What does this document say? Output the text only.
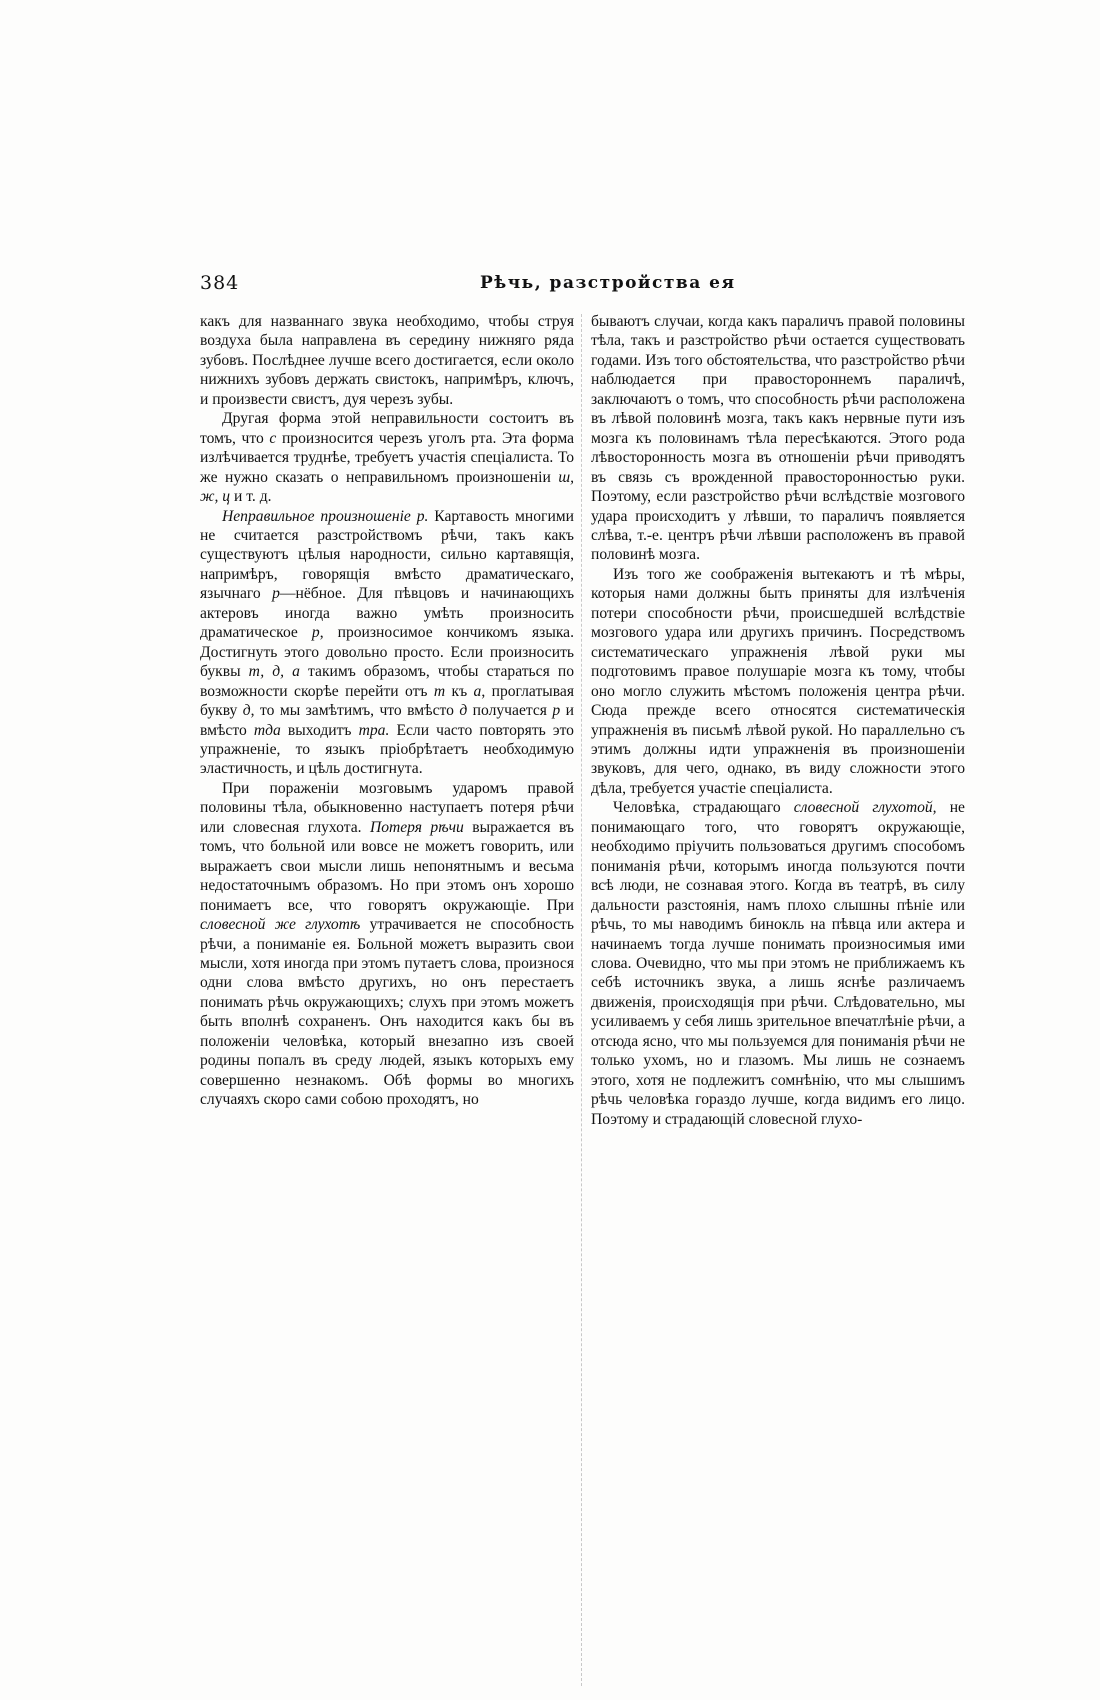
384	Рѣчь, разстройства ея

какъ для названнаго звука необходимо, чтобы струя воздуха была направлена въ середину нижняго ряда зубовъ. Послѣднее лучше всего достигается, если около нижнихъ зубовъ держать свистокъ, напримѣръ, ключъ, и произвести свистъ, дуя черезъ зубы.

Другая форма этой неправильности состоитъ въ томъ, что с произносится черезъ уголъ рта. Эта форма излѣчивается труднѣе, требуетъ участія спеціалиста. То же нужно сказать о неправильномъ произношеніи ш, ж, ц и т. д.

Неправильное произношеніе р. Картавость многими не считается разстройствомъ рѣчи, такъ какъ существуютъ цѣлыя народности, сильно картавящія, напримѣръ, говорящія вмѣсто драматическаго, язычнаго р—нёбное. Для пѣвцовъ и начинающихъ актеровъ иногда важно умѣть произносить драматическое р, произносимое кончикомъ языка. Достигнуть этого довольно просто. Если произносить буквы т, д, а такимъ образомъ, чтобы стараться по возможности скорѣе перейти отъ т къ а, проглатывая букву д, то мы замѣтимъ, что вмѣсто д получается р и вмѣсто тда выходитъ тра. Если часто повторять это упражненіе, то языкъ пріобрѣтаетъ необходимую эластичность, и цѣль достигнута.

При пораженіи мозговымъ ударомъ правой половины тѣла, обыкновенно наступаетъ потеря рѣчи или словесная глухота. Потеря рѣчи выражается въ томъ, что больной или вовсе не можетъ говорить, или выражаетъ свои мысли лишь непонятнымъ и весьма недостаточнымъ образомъ. Но при этомъ онъ хорошо понимаетъ все, что говорятъ окружающіе. При словесной же глухотѣ утрачивается не способность рѣчи, а пониманіе ея. Больной можетъ выразить свои мысли, хотя иногда при этомъ путаетъ слова, произнося одни слова вмѣсто другихъ, но онъ перестаетъ понимать рѣчь окружающихъ; слухъ при этомъ можетъ быть вполнѣ сохраненъ. Онъ находится какъ бы въ положеніи человѣка, который внезапно изъ своей родины попалъ въ среду людей, языкъ которыхъ ему совершенно незнакомъ. Обѣ формы во многихъ случаяхъ скоро сами собою проходятъ, но

бываютъ случаи, когда какъ параличъ правой половины тѣла, такъ и разстройство рѣчи остается существовать годами. Изъ того обстоятельства, что разстройство рѣчи наблюдается при правостороннемъ параличѣ, заключаютъ о томъ, что способность рѣчи расположена въ лѣвой половинѣ мозга, такъ какъ нервные пути изъ мозга къ половинамъ тѣла пересѣкаются. Этого рода лѣвосторонность мозга въ отношеніи рѣчи приводятъ въ связь съ врожденной правосторонностью руки. Поэтому, если разстройство рѣчи вслѣдствіе мозгового удара происходитъ у лѣвши, то параличъ появляется слѣва, т.-е. центръ рѣчи лѣвши расположенъ въ правой половинѣ мозга.

Изъ того же соображенія вытекаютъ и тѣ мѣры, которыя нами должны быть приняты для излѣченія потери способности рѣчи, происшедшей вслѣдствіе мозгового удара или другихъ причинъ. Посредствомъ систематическаго упражненія лѣвой руки мы подготовимъ правое полушаріе мозга къ тому, чтобы оно могло служить мѣстомъ положенія центра рѣчи. Сюда прежде всего относятся систематическія упражненія въ письмѣ лѣвой рукой. Но параллельно съ этимъ должны идти упражненія въ произношеніи звуковъ, для чего, однако, въ виду сложности этого дѣла, требуется участіе спеціалиста.

Человѣка, страдающаго словесной глухотой, не понимающаго того, что говорятъ окружающіе, необходимо пріучить пользоваться другимъ способомъ пониманія рѣчи, которымъ иногда пользуются почти всѣ люди, не сознавая этого. Когда въ театрѣ, въ силу дальности разстоянія, намъ плохо слышны пѣніе или рѣчь, то мы наводимъ бинокль на пѣвца или актера и начинаемъ тогда лучше понимать произносимыя ими слова. Очевидно, что мы при этомъ не приближаемъ къ себѣ источникъ звука, а лишь яснѣе различаемъ движенія, происходящія при рѣчи. Слѣдовательно, мы усиливаемъ у себя лишь зрительное впечатлѣніе рѣчи, а отсюда ясно, что мы пользуемся для пониманія рѣчи не только ухомъ, но и глазомъ. Мы лишь не сознаемъ этого, хотя не подлежитъ сомнѣнію, что мы слышимъ рѣчь человѣка гораздо лучше, когда видимъ его лицо. Поэтому и страдающій словесной глухо-
